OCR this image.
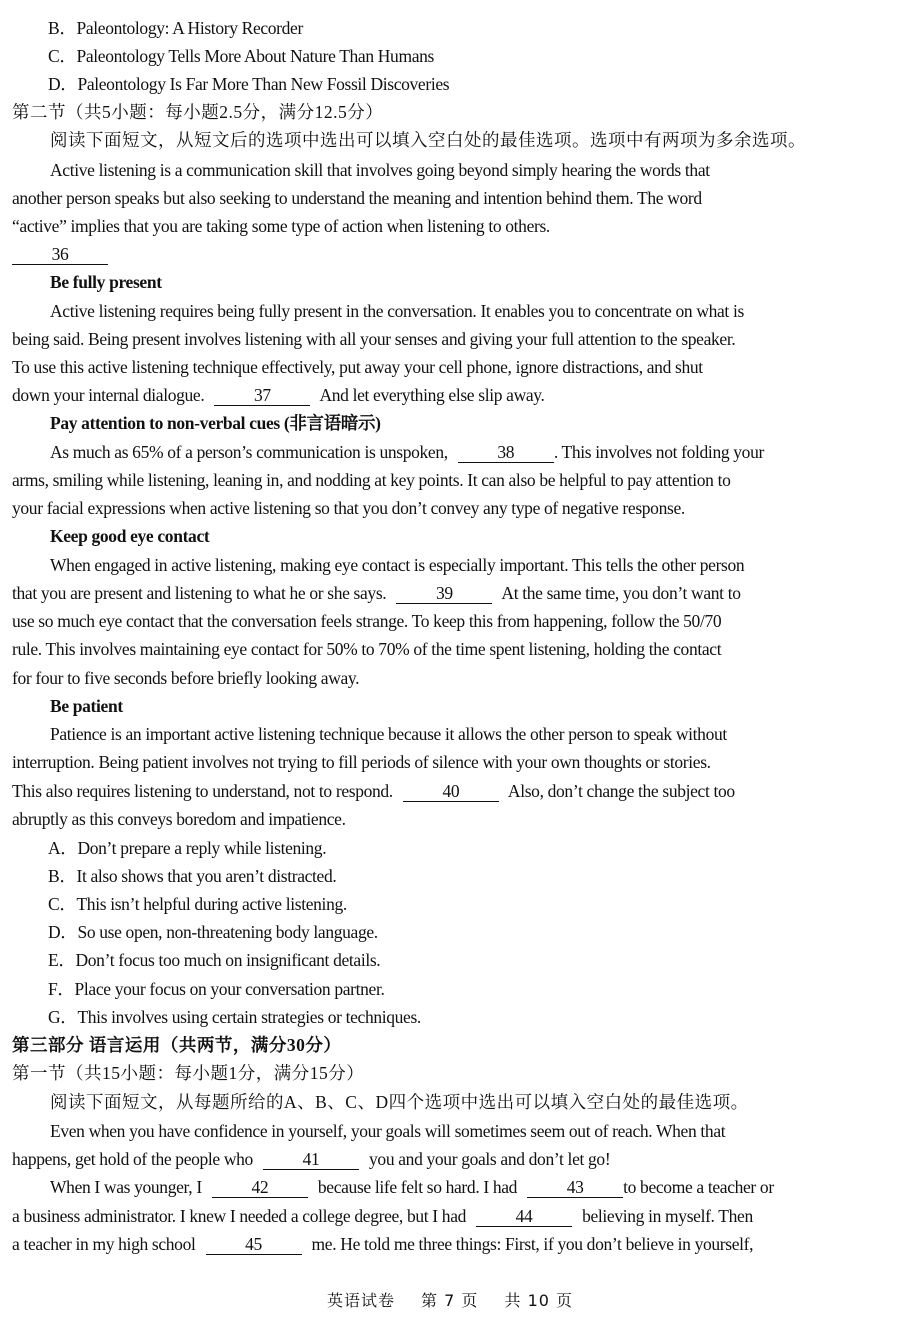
B．Paleontology: A History Recorder
C．Paleontology Tells More About Nature Than Humans
D．Paleontology Is Far More Than New Fossil Discoveries
第二节（共5小题：每小题2.5分，满分12.5分）
阅读下面短文，从短文后的选项中选出可以填入空白处的最佳选项。选项中有两项为多余选项。
Active listening is a communication skill that involves going beyond simply hearing the words that
another person speaks but also seeking to understand the meaning and intention behind them. The word
“active” implies that you are taking some type of action when listening to others.
36
Be fully present
Active listening requires being fully present in the conversation. It enables you to concentrate on what is
being said. Being present involves listening with all your senses and giving your full attention to the speaker.
To use this active listening technique effectively, put away your cell phone, ignore distractions, and shut
down your internal dialogue.	37	And let everything else slip away.
Pay attention to non-verbal cues (非言语暗示)
As much as 65% of a person’s communication is unspoken,	38 . This involves not folding your
arms, smiling while listening, leaning in, and nodding at key points. It can also be helpful to pay attention to
your facial expressions when active listening so that you don’t convey any type of negative response.
Keep good eye contact
When engaged in active listening, making eye contact is especially important. This tells the other person
that you are present and listening to what he or she says.	39	At the same time, you don’t want to
use so much eye contact that the conversation feels strange. To keep this from happening, follow the 50/70
rule. This involves maintaining eye contact for 50% to 70% of the time spent listening, holding the contact
for four to five seconds before briefly looking away.
Be patient
Patience is an important active listening technique because it allows the other person to speak without
interruption. Being patient involves not trying to fill periods of silence with your own thoughts or stories.
This also requires listening to understand, not to respond.	40	Also, don’t change the subject too
abruptly as this conveys boredom and impatience.
A．Don’t prepare a reply while listening.
B．It also shows that you aren’t distracted.
C．This isn’t helpful during active listening.
D．So use open, non-threatening body language.
E．Don’t focus too much on insignificant details.
F．Place your focus on your conversation partner.
G．This involves using certain strategies or techniques.
第三部分 语言运用（共两节，满分30分）
第一节（共15小题：每小题1分，满分15分）
阅读下面短文，从每题所给的A、B、C、D四个选项中选出可以填入空白处的最佳选项。
Even when you have confidence in yourself, your goals will sometimes seem out of reach. When that
happens, get hold of the people who	41	you and your goals and don’t let go!
When I was younger, I	42	because life felt so hard. I had	43 to become a teacher or
a business administrator. I knew I needed a college degree, but I had	44	believing in myself. Then
a teacher in my high school	45	me. He told me three things: First, if you don’t believe in yourself,
英语试卷 第 7 页 共 10 页
